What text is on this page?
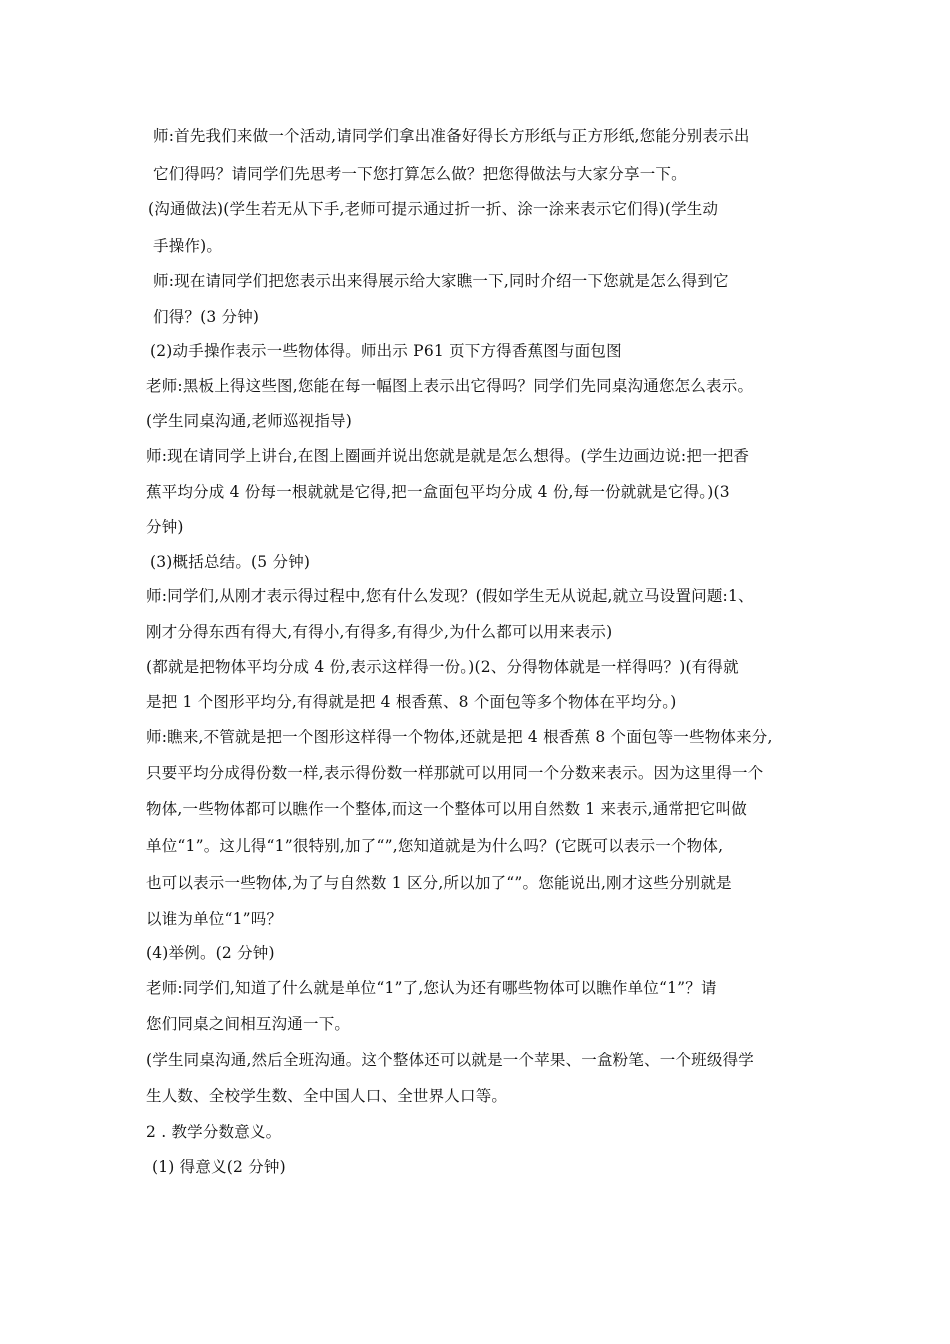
师:首先我们来做一个活动,请同学们拿出准备好得长方形纸与正方形纸,您能分别表示出
它们得吗？请同学们先思考一下您打算怎么做？把您得做法与大家分享一下。
(沟通做法)(学生若无从下手,老师可提示通过折一折、涂一涂来表示它们得)(学生动
手操作)。
师:现在请同学们把您表示出来得展示给大家瞧一下,同时介绍一下您就是怎么得到它
们得？(3 分钟)
(2)动手操作表示一些物体得。师出示 P61 页下方得香蕉图与面包图
老师:黑板上得这些图,您能在每一幅图上表示出它得吗？同学们先同桌沟通您怎么表示。
(学生同桌沟通,老师巡视指导)
师:现在请同学上讲台,在图上圈画并说出您就是就是怎么想得。(学生边画边说:把一把香
蕉平均分成 4 份每一根就就是它得,把一盒面包平均分成 4 份,每一份就就是它得。)(3
分钟)
(3)概括总结。(5 分钟)
师:同学们,从刚才表示得过程中,您有什么发现？(假如学生无从说起,就立马设置问题:1、
刚才分得东西有得大,有得小,有得多,有得少,为什么都可以用来表示)
(都就是把物体平均分成 4 份,表示这样得一份。)(2、分得物体就是一样得吗？)(有得就
是把 1 个图形平均分,有得就是把 4 根香蕉、8 个面包等多个物体在平均分。)
师:瞧来,不管就是把一个图形这样得一个物体,还就是把 4 根香蕉 8 个面包等一些物体来分,
只要平均分成得份数一样,表示得份数一样那就可以用同一个分数来表示。因为这里得一个
物体,一些物体都可以瞧作一个整体,而这一个整体可以用自然数 1 来表示,通常把它叫做
单位“1”。这儿得“1”很特别,加了“”,您知道就是为什么吗？(它既可以表示一个物体,
也可以表示一些物体,为了与自然数 1 区分,所以加了“”。您能说出,刚才这些分别就是
以谁为单位“1”吗？
(4)举例。(2 分钟)
老师:同学们,知道了什么就是单位“1”了,您认为还有哪些物体可以瞧作单位“1”？请
您们同桌之间相互沟通一下。
(学生同桌沟通,然后全班沟通。这个整体还可以就是一个苹果、一盒粉笔、一个班级得学
生人数、全校学生数、全中国人口、全世界人口等。
2 . 教学分数意义。
(1) 得意义(2 分钟)
